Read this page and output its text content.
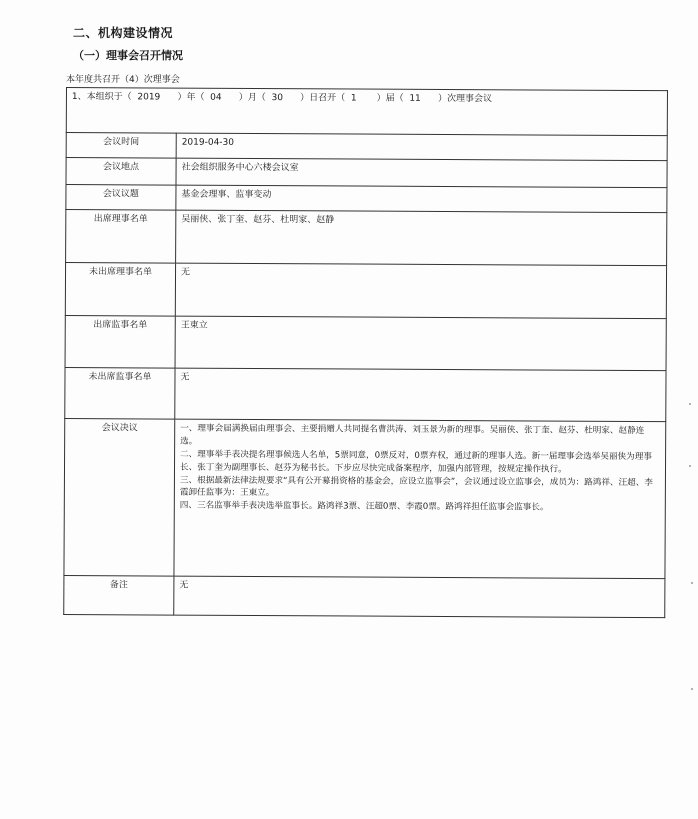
二、机构建设情况
（一）理事会召开情况
本年度共召开（4）次理事会
1、本组织于（  2019      ）年（  04      ）月（  30      ）日召开（  1       ）届（  11      ）次理事会议	
会议时间	2019-04-30
会议地点	社会组织服务中心六楼会议室
会议议题	基金会理事、监事变动
出席理事名单	吴丽侠、张丁奎、赵芬、杜明家、赵静
未出席理事名单	无
出席监事名单	王東立
未出席监事名单	无
会议决议	一、理事会届满换届由理事会、主要捐赠人共同提名曹洪涛、刘玉景为新的理事。吴丽侠、张丁奎、赵芬、杜明家、赵静连选。
二、理事举手表决提名理事候选人名单，5票同意，0票反对，0票弃权，通过新的理事人选。新一届理事会选举吴丽侠为理事长、张丁奎为副理事长、赵芬为秘书长。下步应尽快完成备案程序，加强内部管理，按规定操作执行。
三、根据最新法律法规要求“具有公开募捐资格的基金会，应设立监事会”，会议通过设立监事会，成员为：路鸿祥、汪超、李霞卸任监事为：王東立。
四、三名监事举手表决选举监事长。路鸿祥3票、汪超0票、李霞0票。路鸿祥担任监事会监事长。

备注	无
